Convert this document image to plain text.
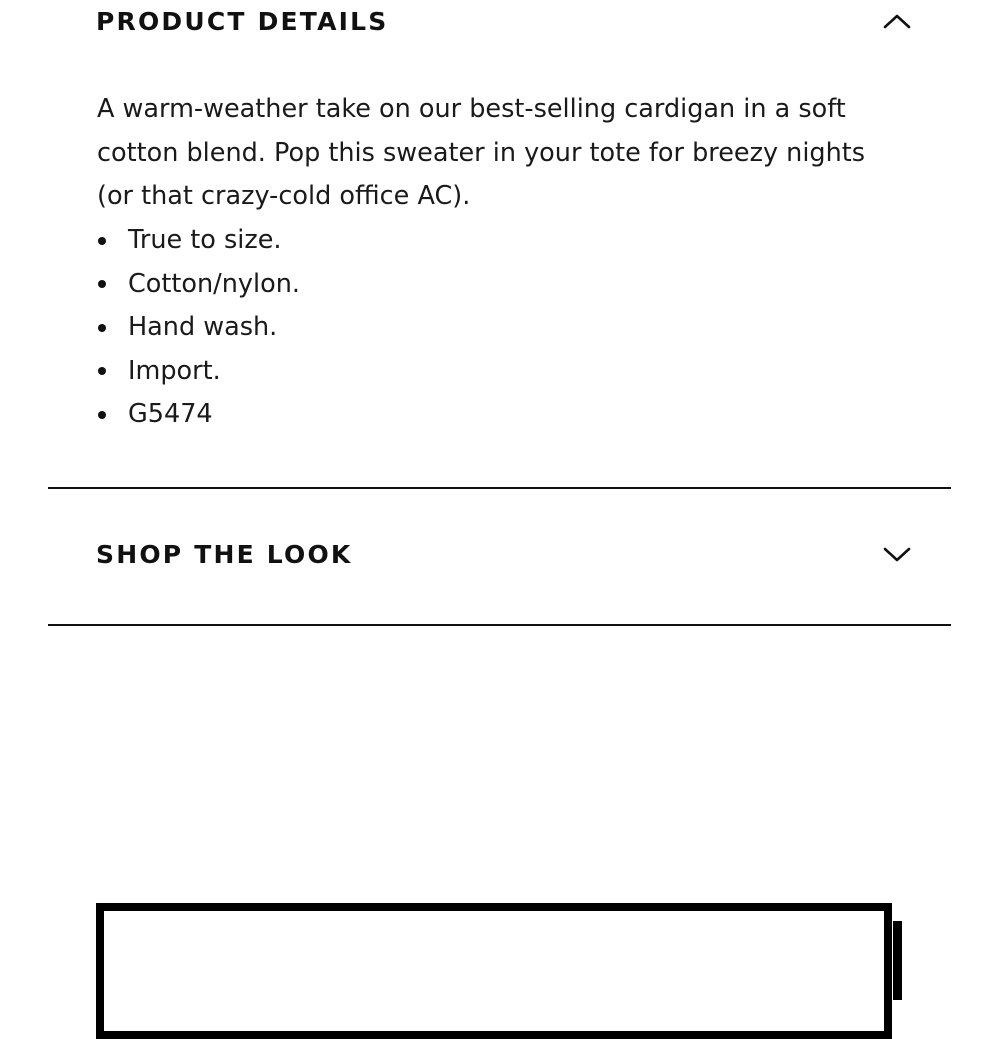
PRODUCT DETAILS

A warm-weather take on our best-selling cardigan in a soft cotton blend. Pop this sweater in your tote for breezy nights (or that crazy-cold office AC).

True to size.
Cotton/nylon.
Hand wash.
Import.
G5474
SHOP THE LOOK
